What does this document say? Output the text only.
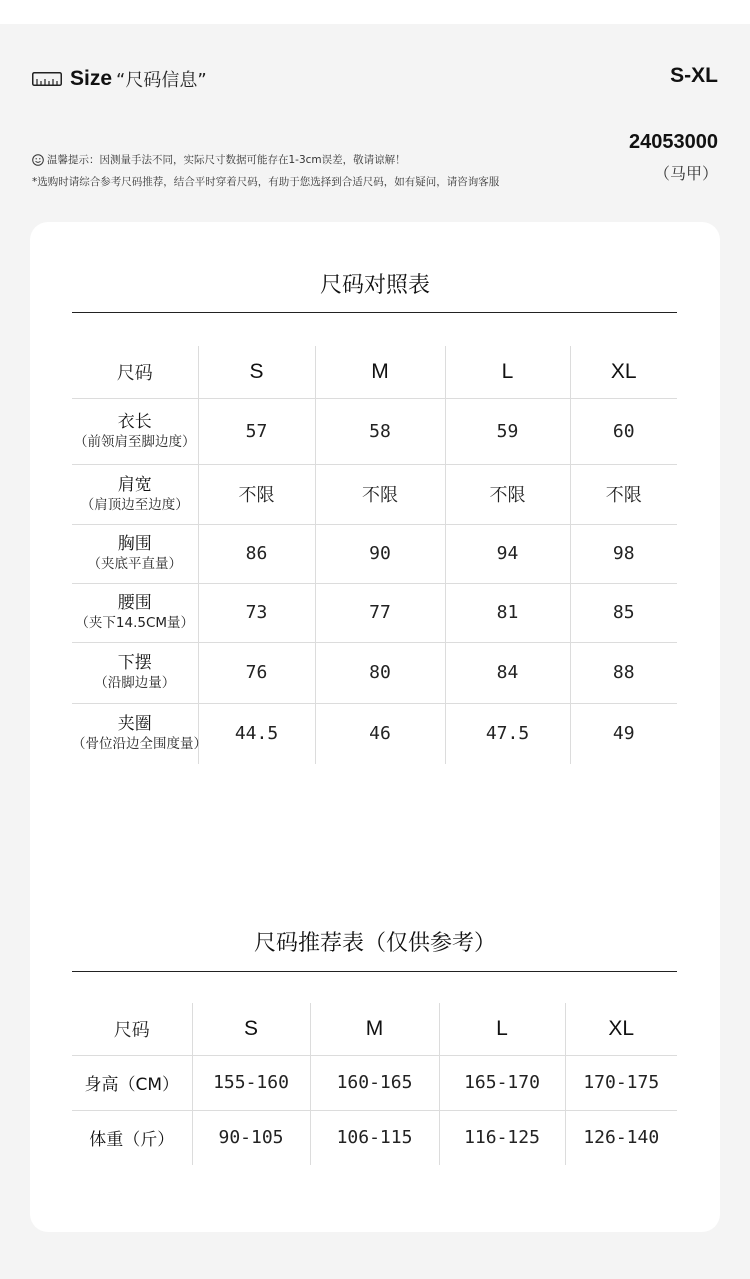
Size “尺码信息”	S-XL
温馨提示：因测量手法不同，实际尺寸数据可能存在1-3cm误差，敬请谅解！
*选购时请综合参考尺码推荐，结合平时穿着尺码，有助于您选择到合适尺码，如有疑问，请咨询客服
24053000
（马甲）
尺码对照表
尺码	S	M	L	XL

衣长
（前领肩至脚边度）	57	58	59	60

肩宽
（肩顶边至边度）	不限	不限	不限	不限

胸围
（夹底平直量）	86	90	94	98

腰围
（夹下14.5CM量）	73	77	81	85

下摆
（沿脚边量）	76	80	84	88

夹圈
（骨位沿边全围度量）	44.5	46	47.5	49
尺码推荐表（仅供参考）
尺码	S	M	L	XL
身高（CM）	155-160	160-165	165-170	170-175
体重（斤）	90-105	106-115	116-125	126-140
